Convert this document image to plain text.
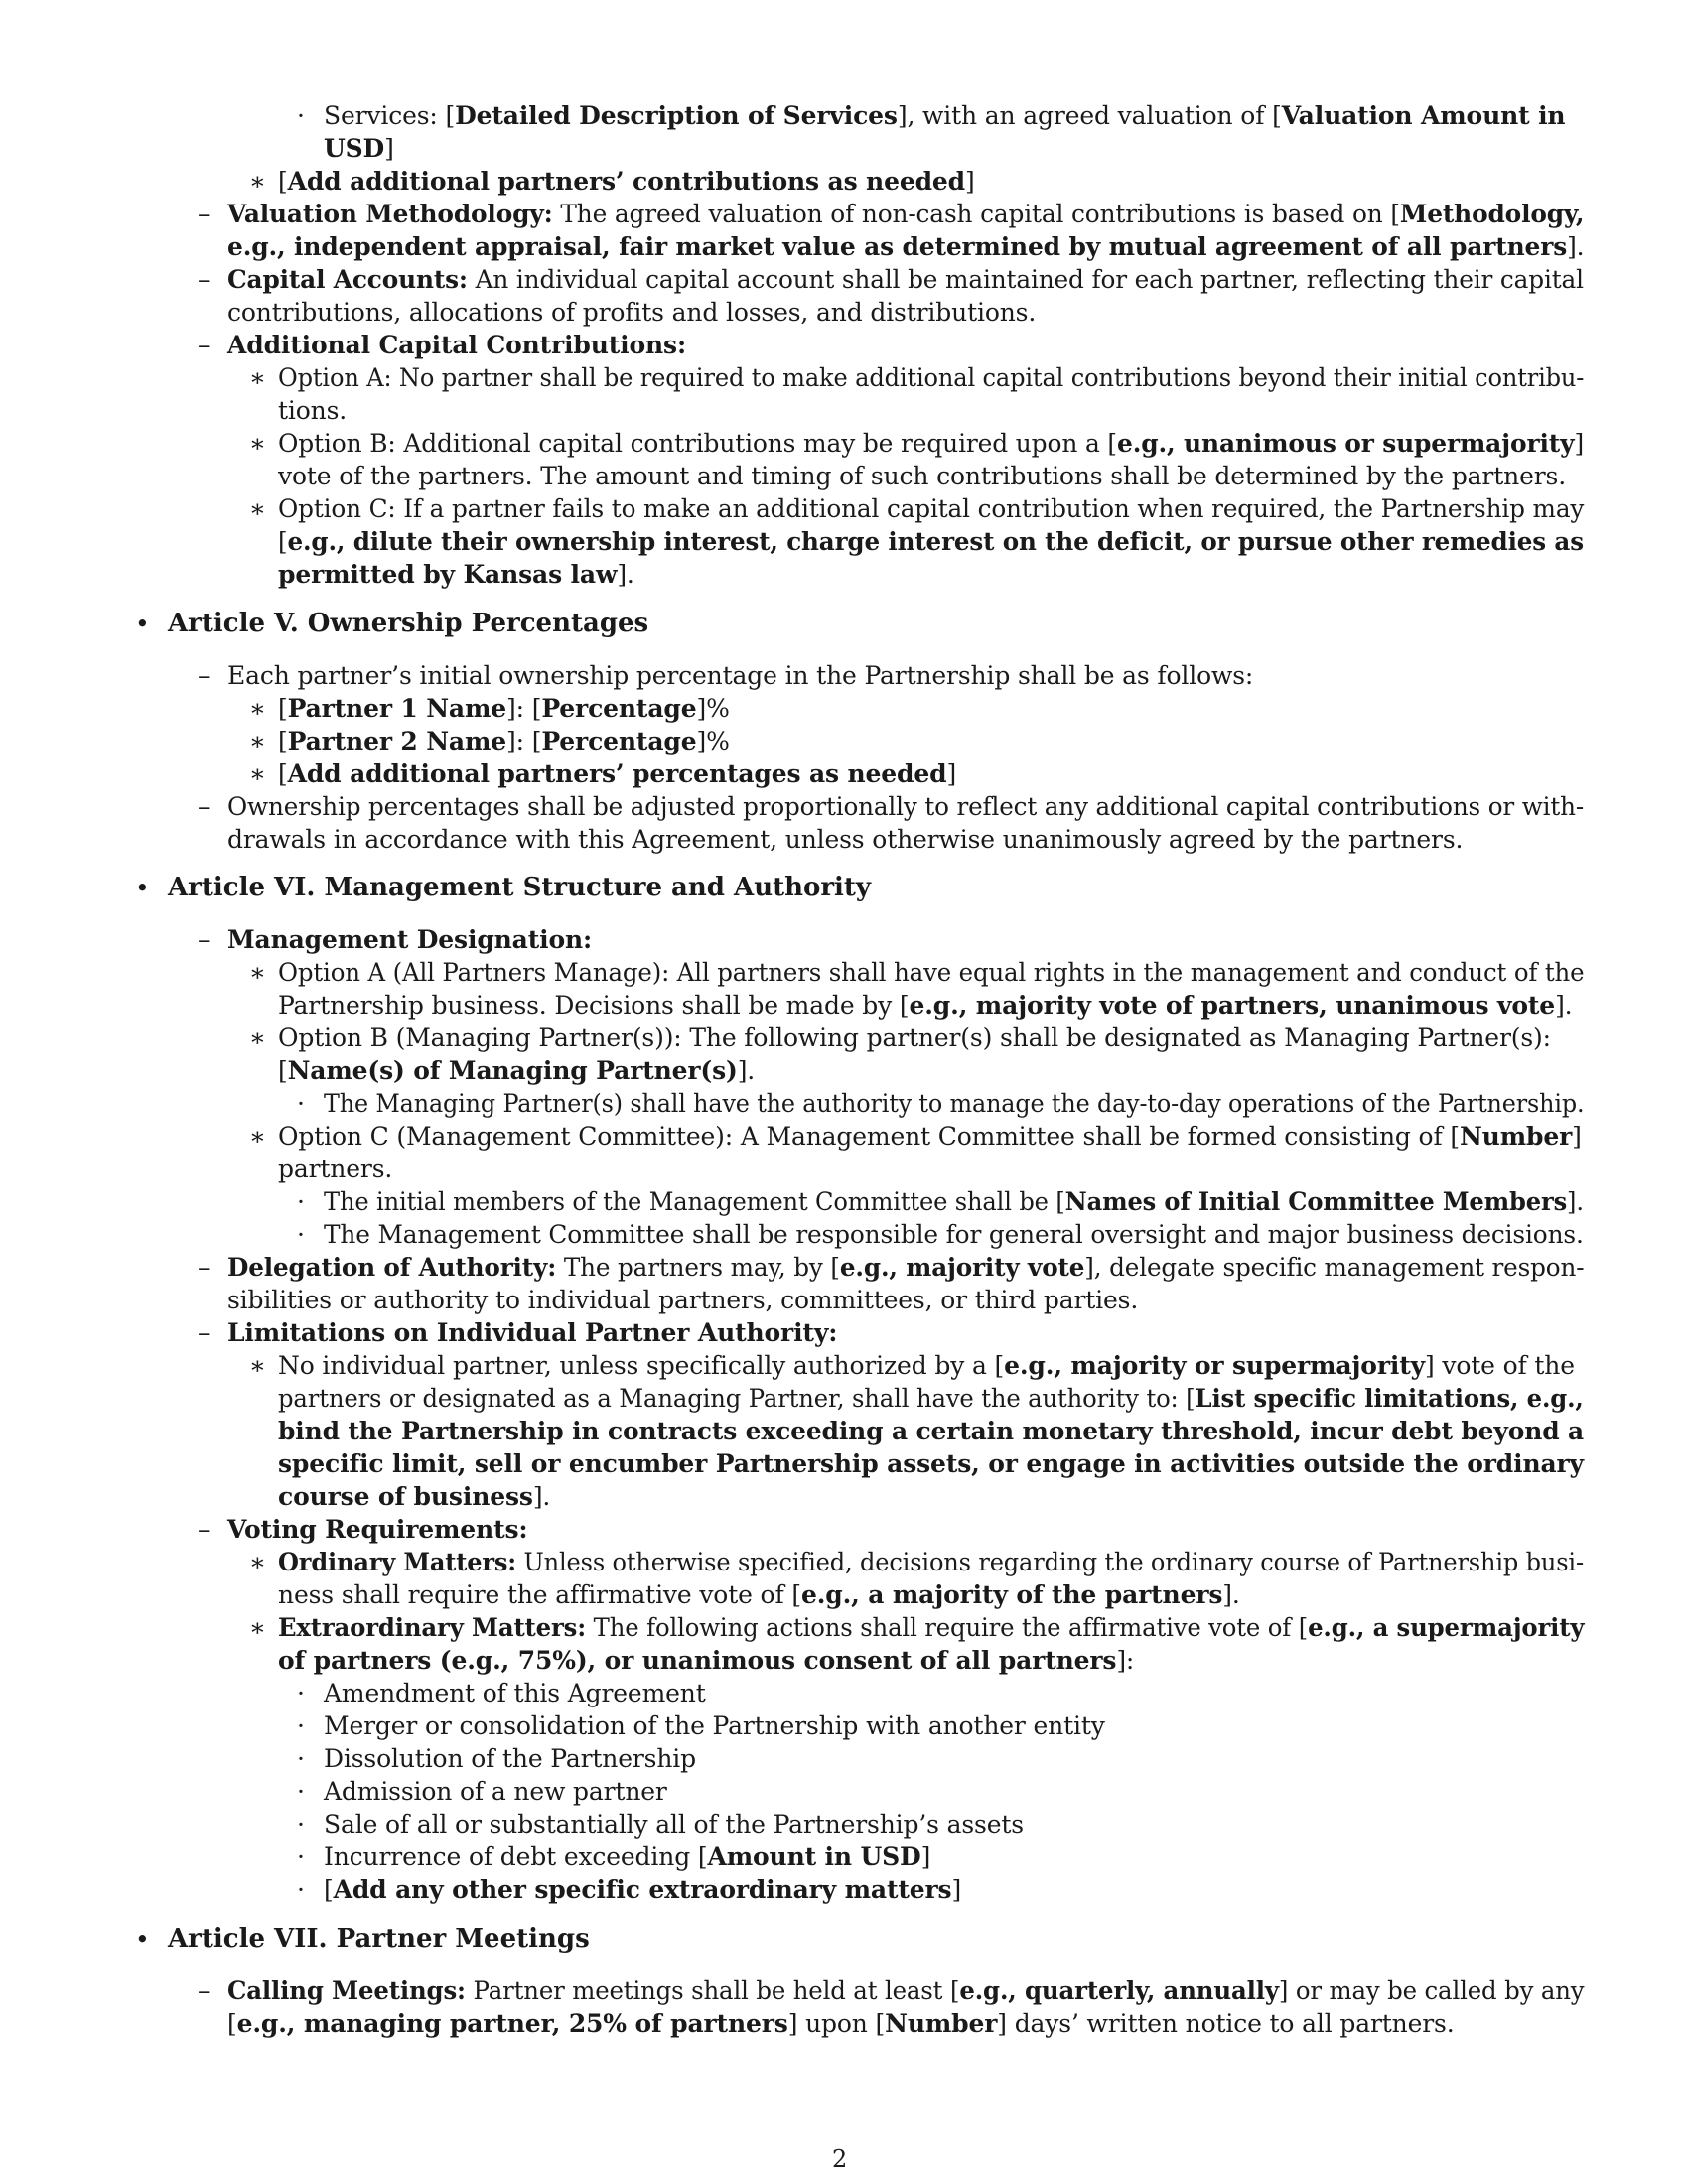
· Services: [Detailed Description of Services], with an agreed valuation of [Valuation Amount in
USD]
∗ [Add additional partners’ contributions as needed]
– Valuation Methodology: The agreed valuation of non-cash capital contributions is based on [Methodology,
e.g., independent appraisal, fair market value as determined by mutual agreement of all partners].
– Capital Accounts: An individual capital account shall be maintained for each partner, reflecting their capital
contributions, allocations of profits and losses, and distributions.
– Additional Capital Contributions:
∗ Option A: No partner shall be required to make additional capital contributions beyond their initial contribu-
tions.
∗ Option B: Additional capital contributions may be required upon a [e.g., unanimous or supermajority]
vote of the partners. The amount and timing of such contributions shall be determined by the partners.
∗ Option C: If a partner fails to make an additional capital contribution when required, the Partnership may
[e.g., dilute their ownership interest, charge interest on the deficit, or pursue other remedies as
permitted by Kansas law].
• Article V. Ownership Percentages
– Each partner’s initial ownership percentage in the Partnership shall be as follows:
∗ [Partner 1 Name]: [Percentage]%
∗ [Partner 2 Name]: [Percentage]%
∗ [Add additional partners’ percentages as needed]
– Ownership percentages shall be adjusted proportionally to reflect any additional capital contributions or with-
drawals in accordance with this Agreement, unless otherwise unanimously agreed by the partners.
• Article VI. Management Structure and Authority
– Management Designation:
∗ Option A (All Partners Manage): All partners shall have equal rights in the management and conduct of the
Partnership business. Decisions shall be made by [e.g., majority vote of partners, unanimous vote].
∗ Option B (Managing Partner(s)): The following partner(s) shall be designated as Managing Partner(s):
[Name(s) of Managing Partner(s)].
· The Managing Partner(s) shall have the authority to manage the day-to-day operations of the Partnership.
∗ Option C (Management Committee): A Management Committee shall be formed consisting of [Number]
partners.
· The initial members of the Management Committee shall be [Names of Initial Committee Members].
· The Management Committee shall be responsible for general oversight and major business decisions.
– Delegation of Authority: The partners may, by [e.g., majority vote], delegate specific management respon-
sibilities or authority to individual partners, committees, or third parties.
– Limitations on Individual Partner Authority:
∗ No individual partner, unless specifically authorized by a [e.g., majority or supermajority] vote of the
partners or designated as a Managing Partner, shall have the authority to: [List specific limitations, e.g.,
bind the Partnership in contracts exceeding a certain monetary threshold, incur debt beyond a
specific limit, sell or encumber Partnership assets, or engage in activities outside the ordinary
course of business].
– Voting Requirements:
∗ Ordinary Matters: Unless otherwise specified, decisions regarding the ordinary course of Partnership busi-
ness shall require the affirmative vote of [e.g., a majority of the partners].
∗ Extraordinary Matters: The following actions shall require the affirmative vote of [e.g., a supermajority
of partners (e.g., 75%), or unanimous consent of all partners]:
· Amendment of this Agreement
· Merger or consolidation of the Partnership with another entity
· Dissolution of the Partnership
· Admission of a new partner
· Sale of all or substantially all of the Partnership’s assets
· Incurrence of debt exceeding [Amount in USD]
· [Add any other specific extraordinary matters]
• Article VII. Partner Meetings
– Calling Meetings: Partner meetings shall be held at least [e.g., quarterly, annually] or may be called by any
[e.g., managing partner, 25% of partners] upon [Number] days’ written notice to all partners.
2
